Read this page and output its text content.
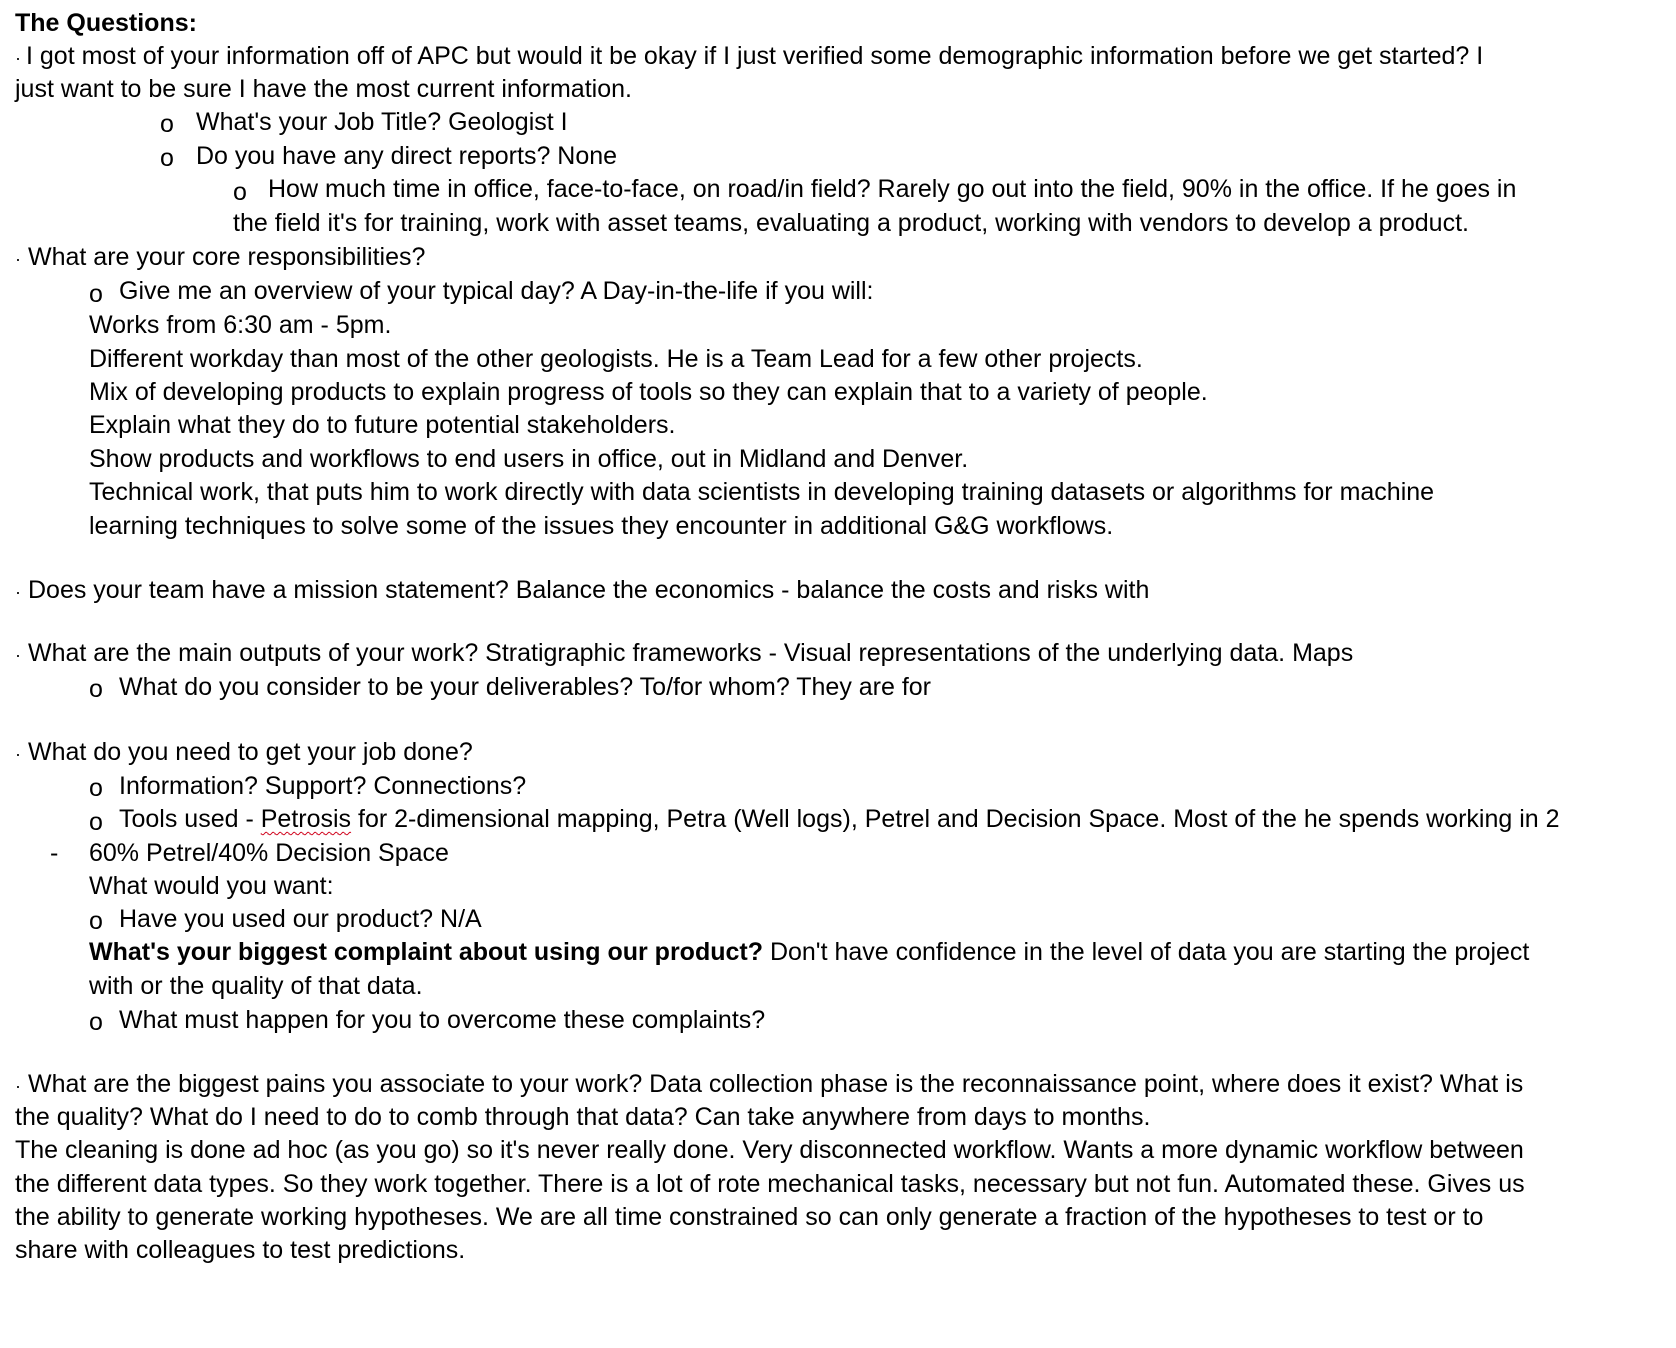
The Questions:
· I got most of your information off of APC but would it be okay if I just verified some demographic information before we get started? I
just want to be sure I have the most current information.
o What's your Job Title? Geologist I
o Do you have any direct reports? None
o How much time in office, face-to-face, on road/in field? Rarely go out into the field, 90% in the office. If he goes in
the field it's for training, work with asset teams, evaluating a product, working with vendors to develop a product.
· What are your core responsibilities?
o Give me an overview of your typical day? A Day-in-the-life if you will:
Works from 6:30 am - 5pm.
Different workday than most of the other geologists. He is a Team Lead for a few other projects.
Mix of developing products to explain progress of tools so they can explain that to a variety of people.
Explain what they do to future potential stakeholders.
Show products and workflows to end users in office, out in Midland and Denver.
Technical work, that puts him to work directly with data scientists in developing training datasets or algorithms for machine
learning techniques to solve some of the issues they encounter in additional G&G workflows.
· Does your team have a mission statement? Balance the economics - balance the costs and risks with
· What are the main outputs of your work? Stratigraphic frameworks - Visual representations of the underlying data. Maps
o What do you consider to be your deliverables? To/for whom? They are for
· What do you need to get your job done?
o Information? Support? Connections?
o Tools used - Petrosis for 2-dimensional mapping, Petra (Well logs), Petrel and Decision Space. Most of the he spends working in 2
- 60% Petrel/40% Decision Space
What would you want:
o Have you used our product? N/A
What's your biggest complaint about using our product? Don't have confidence in the level of data you are starting the project
with or the quality of that data.
o What must happen for you to overcome these complaints?
· What are the biggest pains you associate to your work? Data collection phase is the reconnaissance point, where does it exist? What is
the quality? What do I need to do to comb through that data? Can take anywhere from days to months.
The cleaning is done ad hoc (as you go) so it's never really done. Very disconnected workflow. Wants a more dynamic workflow between
the different data types. So they work together. There is a lot of rote mechanical tasks, necessary but not fun. Automated these. Gives us
the ability to generate working hypotheses. We are all time constrained so can only generate a fraction of the hypotheses to test or to
share with colleagues to test predictions.
